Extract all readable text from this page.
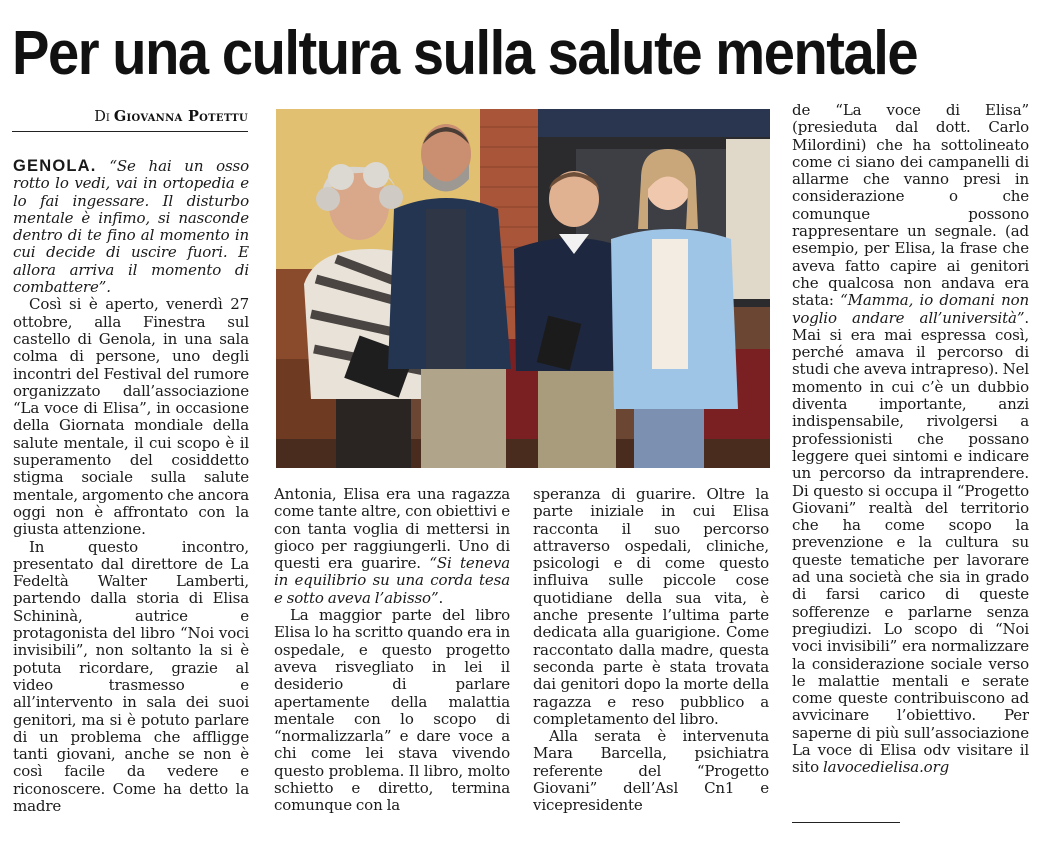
Per una cultura sulla salute mentale
Di Giovanna Potettu

GENOLA. “Se hai un osso rotto lo vedi, vai in ortopedia e lo fai ingessare. Il disturbo mentale è infimo, si nasconde dentro di te fino al momento in cui decide di uscire fuori. E allora arriva il momento di combattere”.

Così si è aperto, venerdì 27 ottobre, alla Finestra sul castello di Genola, in una sala colma di persone, uno degli incontri del Festival del rumore organizzato dall’associazione “La voce di Elisa”, in occasione della Giornata mondiale della salute mentale, il cui scopo è il superamento del cosiddetto stigma sociale sulla salute mentale, argomento che ancora oggi non è affrontato con la giusta attenzione.

In questo incontro, presentato dal direttore de La Fedeltà Walter Lamberti, partendo dalla storia di Elisa Schininà, autrice e protagonista del libro “Noi voci invisibili”, non soltanto la si è potuta ricordare, grazie al video trasmesso e all’intervento in sala dei suoi genitori, ma si è potuto parlare di un problema che affligge tanti giovani, anche se non è così facile da vedere e riconoscere. Come ha detto la madre

Antonia, Elisa era una ragazza come tante altre, con obiettivi e con tanta voglia di mettersi in gioco per raggiungerli. Uno di questi era guarire. “Si teneva in equilibrio su una corda tesa e sotto aveva l’abisso”.

La maggior parte del libro Elisa lo ha scritto quando era in ospedale, e questo progetto aveva risvegliato in lei il desiderio di parlare apertamente della malattia mentale con lo scopo di “normalizzarla” e dare voce a chi come lei stava vivendo questo problema. Il libro, molto schietto e diretto, termina comunque con la

speranza di guarire. Oltre la parte iniziale in cui Elisa racconta il suo percorso attraverso ospedali, cliniche, psicologi e di come questo influiva sulle piccole cose quotidiane della sua vita, è anche presente l’ultima parte dedicata alla guarigione. Come raccontato dalla madre, questa seconda parte è stata trovata dai genitori dopo la morte della ragazza e reso pubblico a completamento del libro.

Alla serata è intervenuta Mara Barcella, psichiatra referente del “Progetto Giovani” dell’Asl Cn1 e vicepresidente

de “La voce di Elisa” (presieduta dal dott. Carlo Milordini) che ha sottolineato come ci siano dei campanelli di allarme che vanno presi in considerazione o che comunque possono rappresentare un segnale. (ad esempio, per Elisa, la frase che aveva fatto capire ai genitori che qualcosa non andava era stata: “Mamma, io domani non voglio andare all’università”. Mai si era mai espressa così, perché amava il percorso di studi che aveva intrapreso). Nel momento in cui c’è un dubbio diventa importante, anzi indispensabile, rivolgersi a professionisti che possano leggere quei sintomi e indicare un percorso da intraprendere. Di questo si occupa il “Progetto Giovani” realtà del territorio che ha come scopo la prevenzione e la cultura su queste tematiche per lavorare ad una società che sia in grado di farsi carico di queste sofferenze e parlarne senza pregiudizi. Lo scopo di “Noi voci invisibili” era normalizzare la considerazione sociale verso le malattie mentali e serate come queste contribuiscono ad avvicinare l’obiettivo. Per saperne di più sull’associazione La voce di Elisa odv visitare il sito lavocedielisa.org
